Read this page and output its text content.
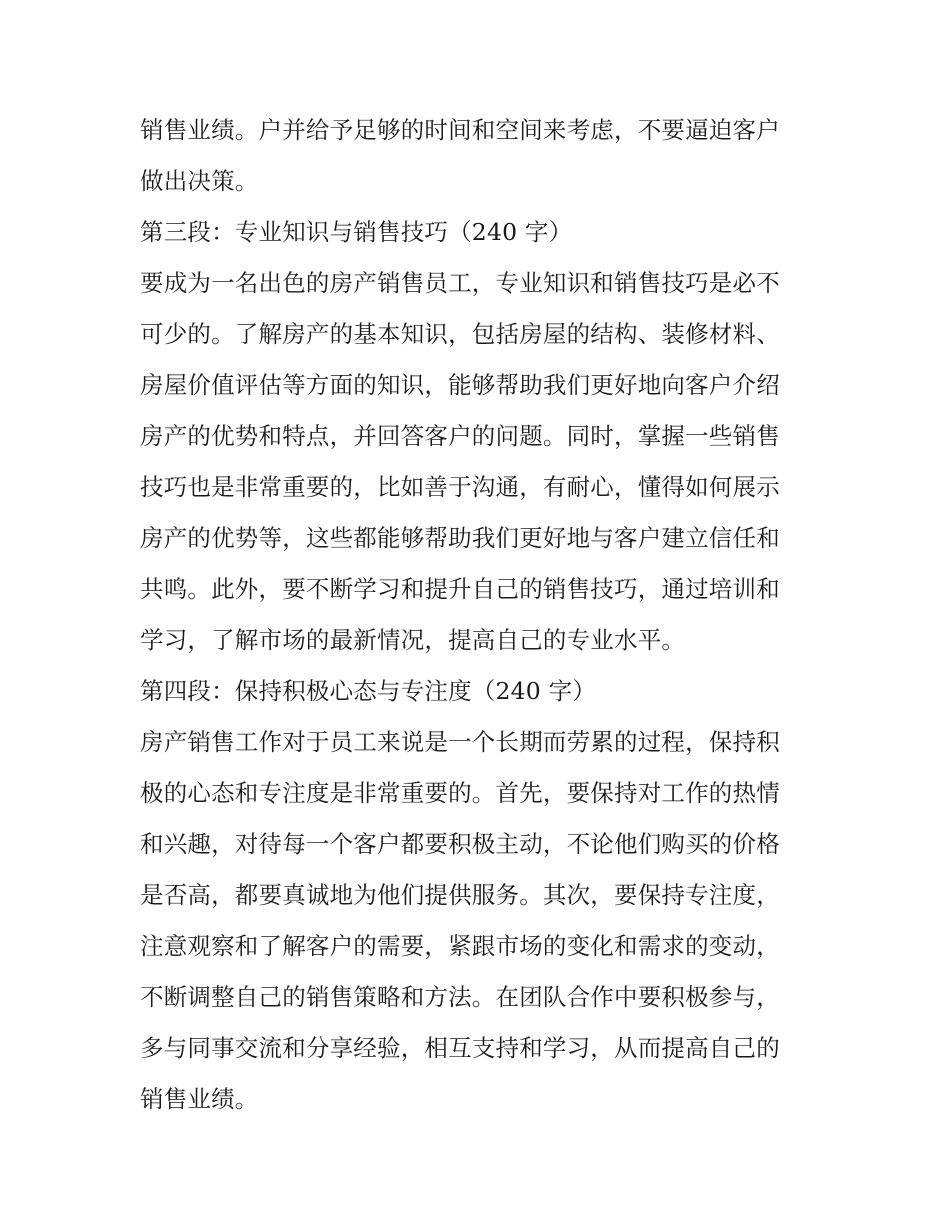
销售业绩。户并给予足够的时间和空间来考虑，不要逼迫客户
做出决策。
第三段：专业知识与销售技巧（240 字）
要成为一名出色的房产销售员工，专业知识和销售技巧是必不
可少的。了解房产的基本知识，包括房屋的结构、装修材料、
房屋价值评估等方面的知识，能够帮助我们更好地向客户介绍
房产的优势和特点，并回答客户的问题。同时，掌握一些销售
技巧也是非常重要的，比如善于沟通，有耐心，懂得如何展示
房产的优势等，这些都能够帮助我们更好地与客户建立信任和
共鸣。此外，要不断学习和提升自己的销售技巧，通过培训和
学习，了解市场的最新情况，提高自己的专业水平。
第四段：保持积极心态与专注度（240 字）
房产销售工作对于员工来说是一个长期而劳累的过程，保持积
极的心态和专注度是非常重要的。首先，要保持对工作的热情
和兴趣，对待每一个客户都要积极主动，不论他们购买的价格
是否高，都要真诚地为他们提供服务。其次，要保持专注度，
注意观察和了解客户的需要，紧跟市场的变化和需求的变动，
不断调整自己的销售策略和方法。在团队合作中要积极参与，
多与同事交流和分享经验，相互支持和学习，从而提高自己的
销售业绩。
